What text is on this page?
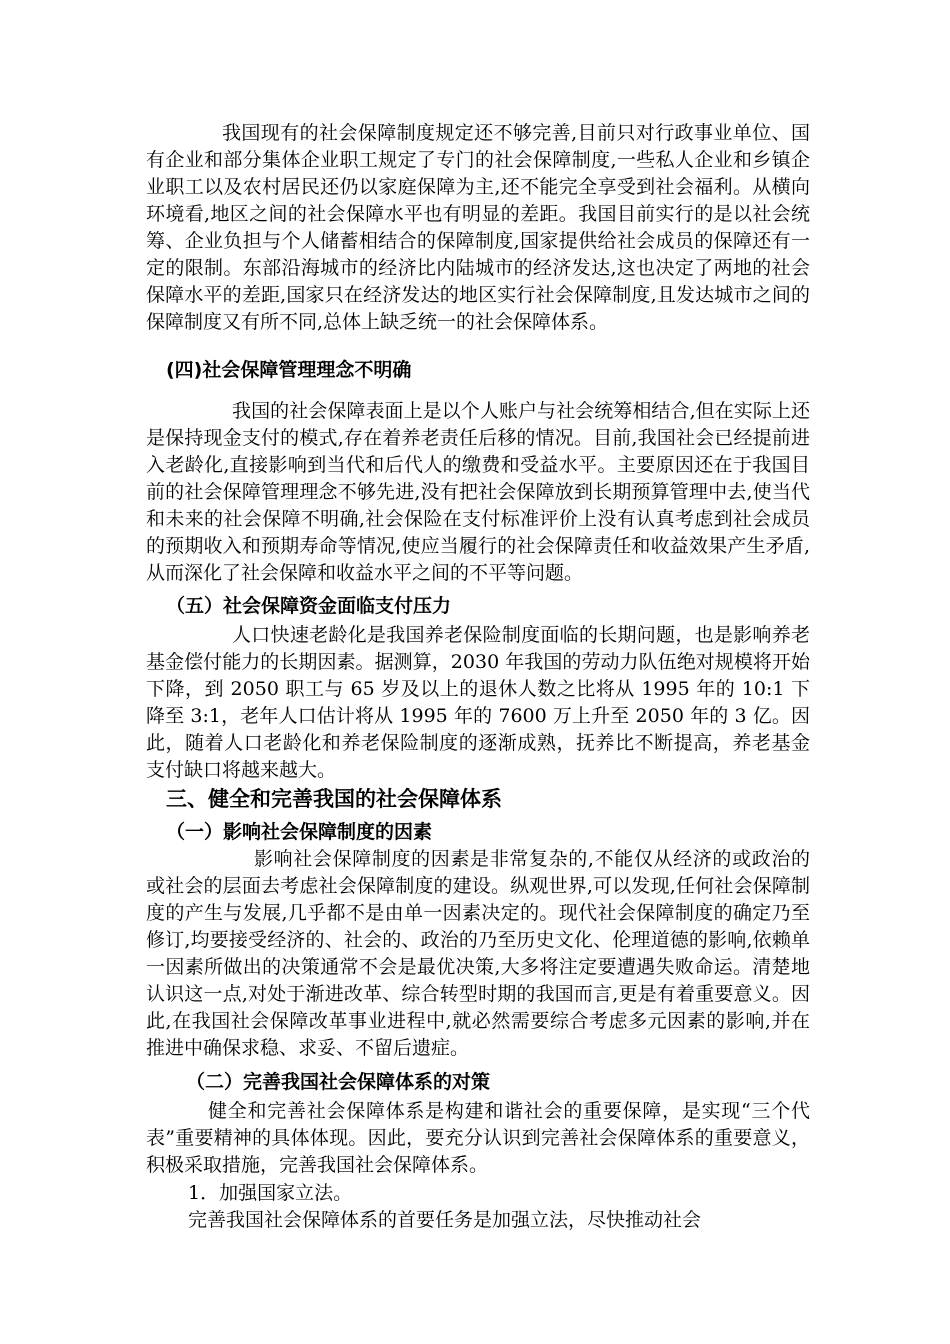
我国现有的社会保障制度规定还不够完善,目前只对行政事业单位、国有企业和部分集体企业职工规定了专门的社会保障制度,一些私人企业和乡镇企业职工以及农村居民还仍以家庭保障为主,还不能完全享受到社会福利。从横向环境看,地区之间的社会保障水平也有明显的差距。我国目前实行的是以社会统筹、企业负担与个人储蓄相结合的保障制度,国家提供给社会成员的保障还有一定的限制。东部沿海城市的经济比内陆城市的经济发达,这也决定了两地的社会保障水平的差距,国家只在经济发达的地区实行社会保障制度,且发达城市之间的保障制度又有所不同,总体上缺乏统一的社会保障体系。

(四)社会保障管理理念不明确

我国的社会保障表面上是以个人账户与社会统筹相结合,但在实际上还是保持现金支付的模式,存在着养老责任后移的情况。目前,我国社会已经提前进入老龄化,直接影响到当代和后代人的缴费和受益水平。主要原因还在于我国目前的社会保障管理理念不够先进,没有把社会保障放到长期预算管理中去,使当代和未来的社会保障不明确,社会保险在支付标准评价上没有认真考虑到社会成员的预期收入和预期寿命等情况,使应当履行的社会保障责任和收益效果产生矛盾,从而深化了社会保障和收益水平之间的不平等问题。

（五）社会保障资金面临支付压力

人口快速老龄化是我国养老保险制度面临的长期问题，也是影响养老基金偿付能力的长期因素。据测算，2030 年我国的劳动力队伍绝对规模将开始下降，到 2050 职工与 65 岁及以上的退休人数之比将从 1995 年的 10:1 下降至 3:1，老年人口估计将从 1995 年的 7600 万上升至 2050 年的 3 亿。因此，随着人口老龄化和养老保险制度的逐渐成熟，抚养比不断提高，养老基金支付缺口将越来越大。

三、健全和完善我国的社会保障体系
（一）影响社会保障制度的因素

影响社会保障制度的因素是非常复杂的,不能仅从经济的或政治的或社会的层面去考虑社会保障制度的建设。纵观世界,可以发现,任何社会保障制度的产生与发展,几乎都不是由单一因素决定的。现代社会保障制度的确定乃至修订,均要接受经济的、社会的、政治的乃至历史文化、伦理道德的影响,依赖单一因素所做出的决策通常不会是最优决策,大多将注定要遭遇失败命运。清楚地认识这一点,对处于渐进改革、综合转型时期的我国而言,更是有着重要意义。因此,在我国社会保障改革事业进程中,就必然需要综合考虑多元因素的影响,并在推进中确保求稳、求妥、不留后遗症。

（二）完善我国社会保障体系的对策

健全和完善社会保障体系是构建和谐社会的重要保障，是实现“三个代表”重要精神的具体体现。因此，要充分认识到完善社会保障体系的重要意义，积极采取措施，完善我国社会保障体系。

1．加强国家立法。

完善我国社会保障体系的首要任务是加强立法，尽快推动社会
